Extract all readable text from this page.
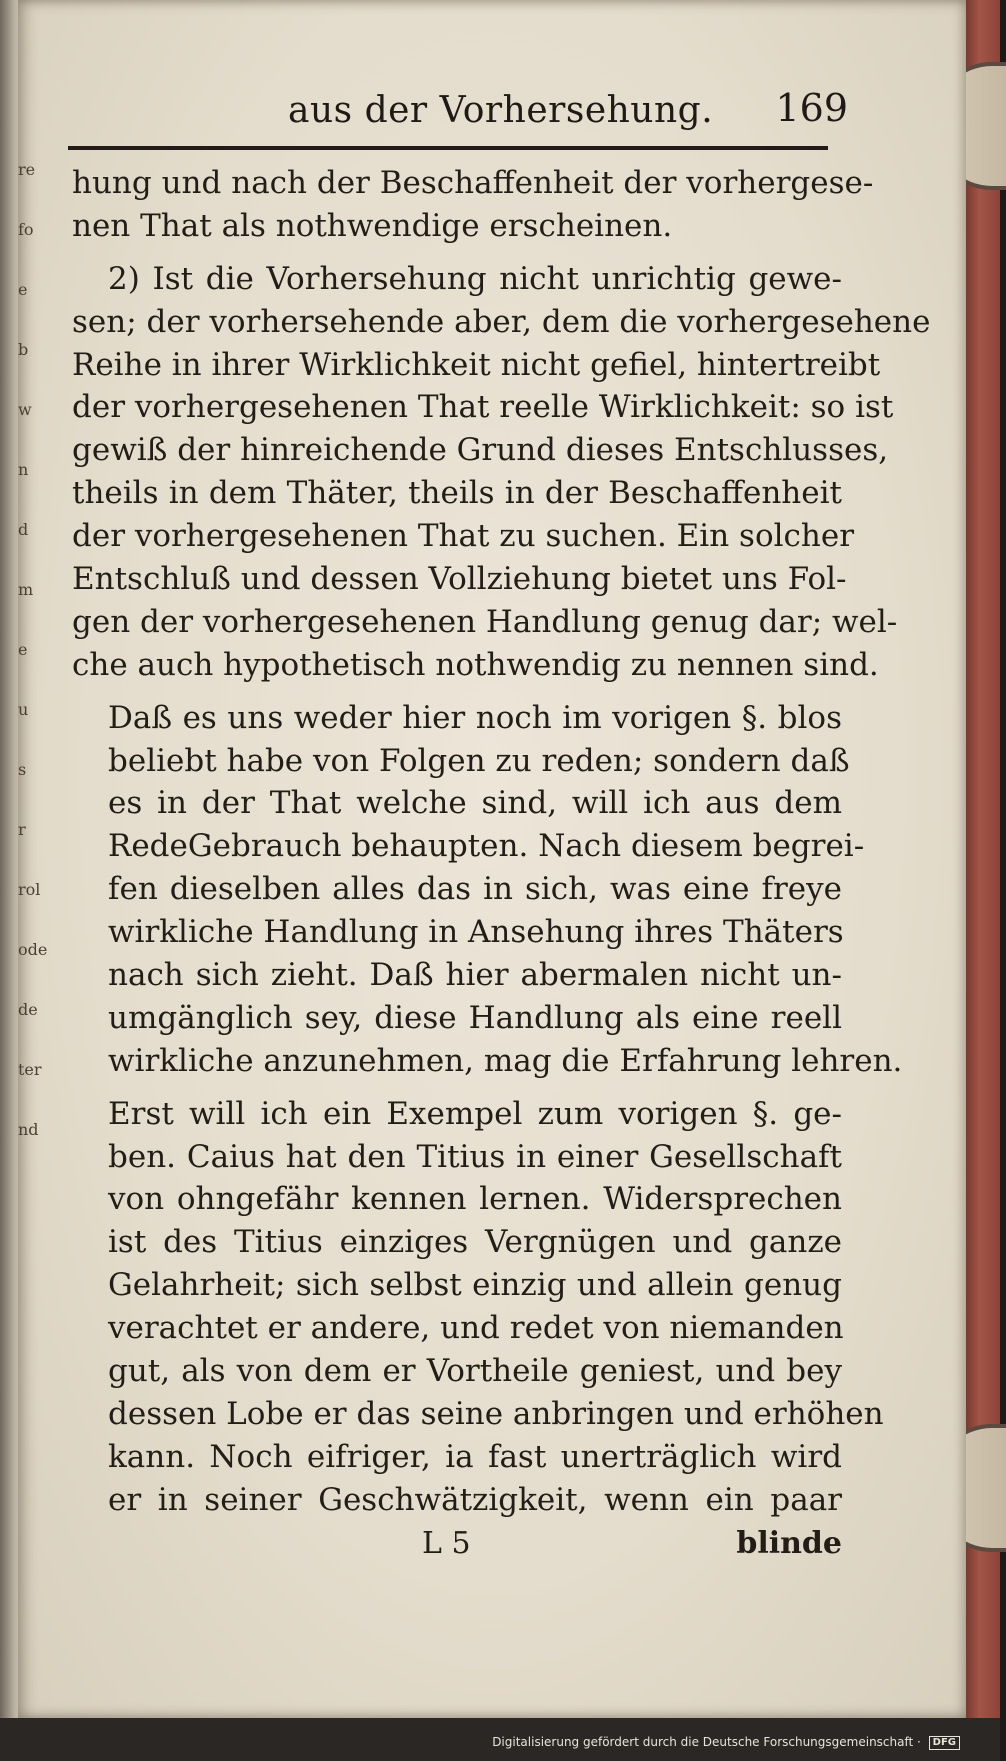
re
fo
e
b
w
n
d
m
e
u
s
r
rol
ode
de
ter
nd
aus der Vorhersehung. 169
hung und nach der Beschaffenheit der vorhergese-
nen That als nothwendige erscheinen.
2) Ist die Vorhersehung nicht unrichtig gewe-
sen; der vorhersehende aber, dem die vorhergesehene
Reihe in ihrer Wirklichkeit nicht gefiel, hintertreibt
der vorhergesehenen That reelle Wirklichkeit: so ist
gewiß der hinreichende Grund dieses Entschlusses,
theils in dem Thäter, theils in der Beschaffenheit
der vorhergesehenen That zu suchen. Ein solcher
Entschluß und dessen Vollziehung bietet uns Fol-
gen der vorhergesehenen Handlung genug dar; wel-
che auch hypothetisch nothwendig zu nennen sind.
Daß es uns weder hier noch im vorigen §. blos
beliebt habe von Folgen zu reden; sondern daß
es in der That welche sind, will ich aus dem
RedeGebrauch behaupten. Nach diesem begrei-
fen dieselben alles das in sich, was eine freye
wirkliche Handlung in Ansehung ihres Thäters
nach sich zieht. Daß hier abermalen nicht un-
umgänglich sey, diese Handlung als eine reell
wirkliche anzunehmen, mag die Erfahrung lehren.
Erst will ich ein Exempel zum vorigen §. ge-
ben. Caius hat den Titius in einer Gesellschaft
von ohngefähr kennen lernen. Widersprechen
ist des Titius einziges Vergnügen und ganze
Gelahrheit; sich selbst einzig und allein genug
verachtet er andere, und redet von niemanden
gut, als von dem er Vortheile geniest, und bey
dessen Lobe er das seine anbringen und erhöhen
kann. Noch eifriger, ia fast unerträglich wird
er in seiner Geschwätzigkeit, wenn ein paar
L 5	blinde
Digitalisierung gefördert durch die Deutsche Forschungsgemeinschaft · DFG
